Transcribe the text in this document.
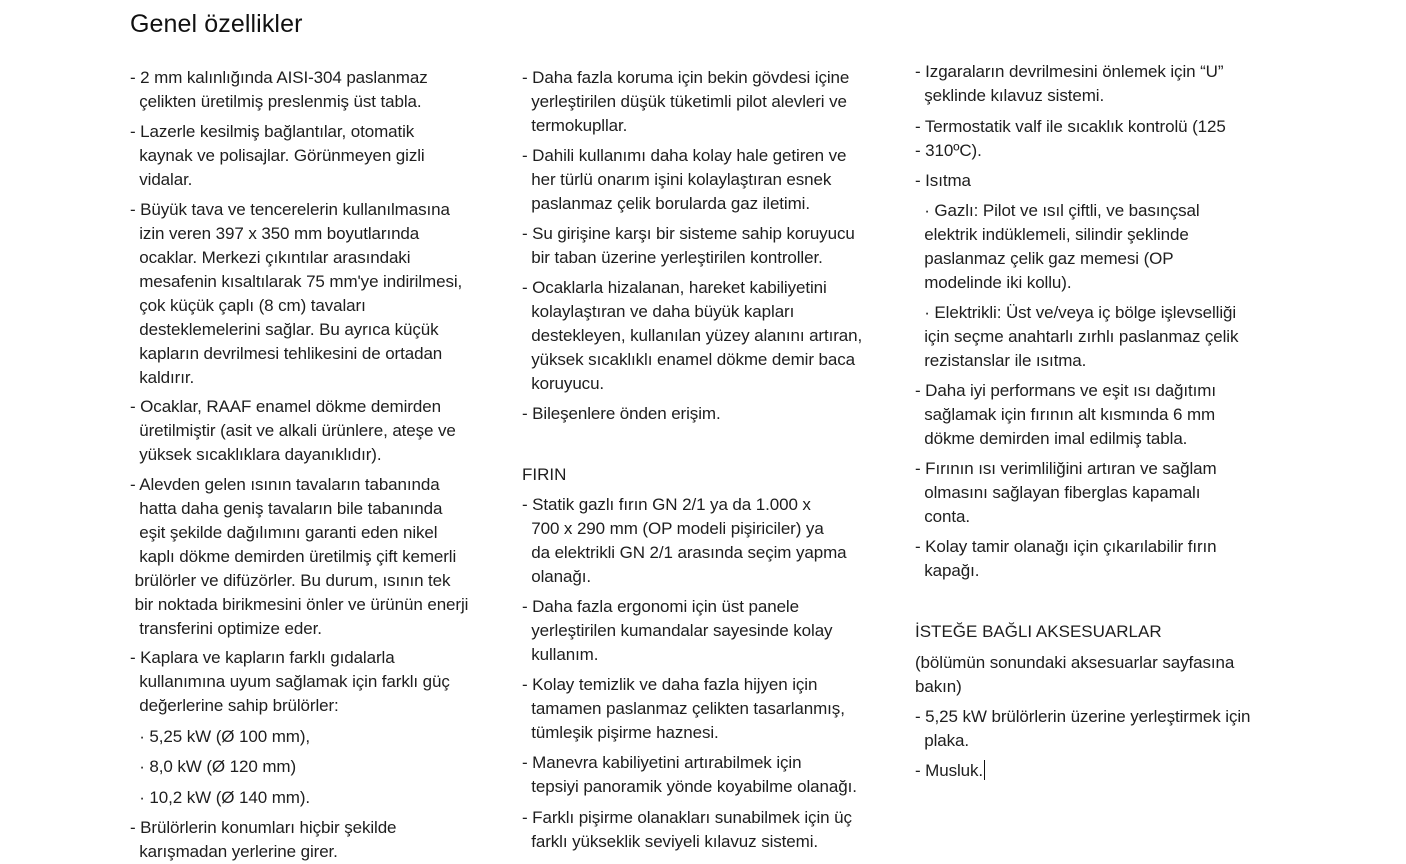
Genel özellikler
- 2 mm kalınlığında AISI-304 paslanmaz
çelikten üretilmiş preslenmiş üst tabla.
- Lazerle kesilmiş bağlantılar, otomatik
kaynak ve polisajlar. Görünmeyen gizli
vidalar.
- Büyük tava ve tencerelerin kullanılmasına
izin veren 397 x 350 mm boyutlarında
ocaklar. Merkezi çıkıntılar arasındaki
mesafenin kısaltılarak 75 mm'ye indirilmesi,
çok küçük çaplı (8 cm) tavaları
desteklemelerini sağlar. Bu ayrıca küçük
kapların devrilmesi tehlikesini de ortadan
kaldırır.
- Ocaklar, RAAF enamel dökme demirden
üretilmiştir (asit ve alkali ürünlere, ateşe ve
yüksek sıcaklıklara dayanıklıdır).
- Alevden gelen ısının tavaların tabanında
hatta daha geniş tavaların bile tabanında
eşit şekilde dağılımını garanti eden nikel
kaplı dökme demirden üretilmiş çift kemerli
brülörler ve difüzörler. Bu durum, ısının tek
bir noktada birikmesini önler ve ürünün enerji
transferini optimize eder.
- Kaplara ve kapların farklı gıdalarla
kullanımına uyum sağlamak için farklı güç
değerlerine sahip brülörler:
· 5,25 kW (Ø 100 mm),
· 8,0 kW (Ø 120 mm)
· 10,2 kW (Ø 140 mm).
- Brülörlerin konumları hiçbir şekilde
karışmadan yerlerine girer.
- Daha fazla koruma için bekin gövdesi içine
yerleştirilen düşük tüketimli pilot alevleri ve
termokupllar.
- Dahili kullanımı daha kolay hale getiren ve
her türlü onarım işini kolaylaştıran esnek
paslanmaz çelik borularda gaz iletimi.
- Su girişine karşı bir sisteme sahip koruyucu
bir taban üzerine yerleştirilen kontroller.
- Ocaklarla hizalanan, hareket kabiliyetini
kolaylaştıran ve daha büyük kapları
destekleyen, kullanılan yüzey alanını artıran,
yüksek sıcaklıklı enamel dökme demir baca
koruyucu.
- Bileşenlere önden erişim.
FIRIN
- Statik gazlı fırın GN 2/1 ya da 1.000 x
700 x 290 mm (OP modeli pişiriciler) ya
da elektrikli GN 2/1 arasında seçim yapma
olanağı.
- Daha fazla ergonomi için üst panele
yerleştirilen kumandalar sayesinde kolay
kullanım.
- Kolay temizlik ve daha fazla hijyen için
tamamen paslanmaz çelikten tasarlanmış,
tümleşik pişirme haznesi.
- Manevra kabiliyetini artırabilmek için
tepsiyi panoramik yönde koyabilme olanağı.
- Farklı pişirme olanakları sunabilmek için üç
farklı yükseklik seviyeli kılavuz sistemi.
- Izgaraların devrilmesini önlemek için “U”
şeklinde kılavuz sistemi.
- Termostatik valf ile sıcaklık kontrolü (125
- 310ºC).
- Isıtma
· Gazlı: Pilot ve ısıl çiftli, ve basınçsal
elektrik indüklemeli, silindir şeklinde
paslanmaz çelik gaz memesi (OP
modelinde iki kollu).
· Elektrikli: Üst ve/veya iç bölge işlevselliği
için seçme anahtarlı zırhlı paslanmaz çelik
rezistanslar ile ısıtma.
- Daha iyi performans ve eşit ısı dağıtımı
sağlamak için fırının alt kısmında 6 mm
dökme demirden imal edilmiş tabla.
- Fırının ısı verimliliğini artıran ve sağlam
olmasını sağlayan fiberglas kapamalı
conta.
- Kolay tamir olanağı için çıkarılabilir fırın
kapağı.
İSTEĞE BAĞLI AKSESUARLAR
(bölümün sonundaki aksesuarlar sayfasına
bakın)
- 5,25 kW brülörlerin üzerine yerleştirmek için
plaka.
- Musluk.
